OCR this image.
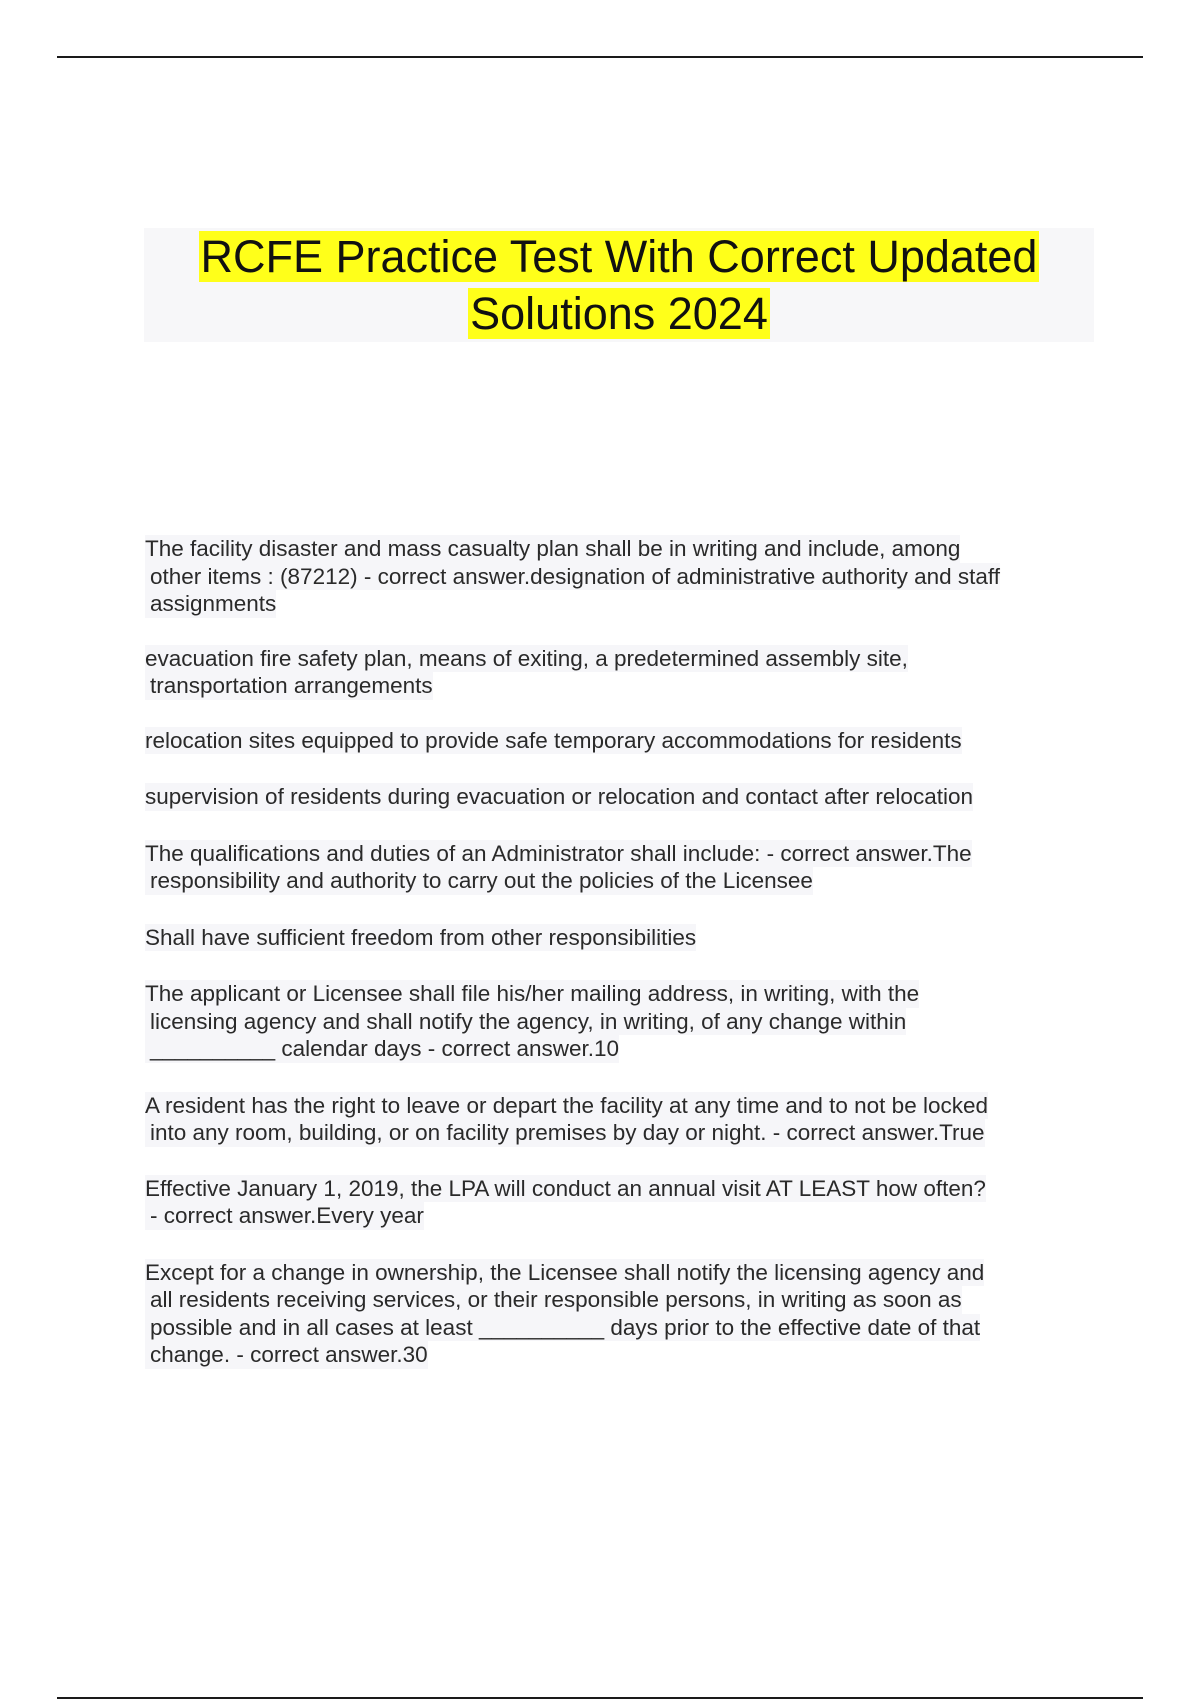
RCFE Practice Test With Correct Updated
Solutions 2024
The facility disaster and mass casualty plan shall be in writing and include, among
other items : (87212) - correct answer.designation of administrative authority and staff
assignments
evacuation fire safety plan, means of exiting, a predetermined assembly site,
transportation arrangements
relocation sites equipped to provide safe temporary accommodations for residents
supervision of residents during evacuation or relocation and contact after relocation
The qualifications and duties of an Administrator shall include: - correct answer.The
responsibility and authority to carry out the policies of the Licensee
Shall have sufficient freedom from other responsibilities
The applicant or Licensee shall file his/her mailing address, in writing, with the
licensing agency and shall notify the agency, in writing, of any change within
__________ calendar days - correct answer.10
A resident has the right to leave or depart the facility at any time and to not be locked
into any room, building, or on facility premises by day or night. - correct answer.True
Effective January 1, 2019, the LPA will conduct an annual visit AT LEAST how often?
- correct answer.Every year
Except for a change in ownership, the Licensee shall notify the licensing agency and
all residents receiving services, or their responsible persons, in writing as soon as
possible and in all cases at least __________ days prior to the effective date of that
change. - correct answer.30
